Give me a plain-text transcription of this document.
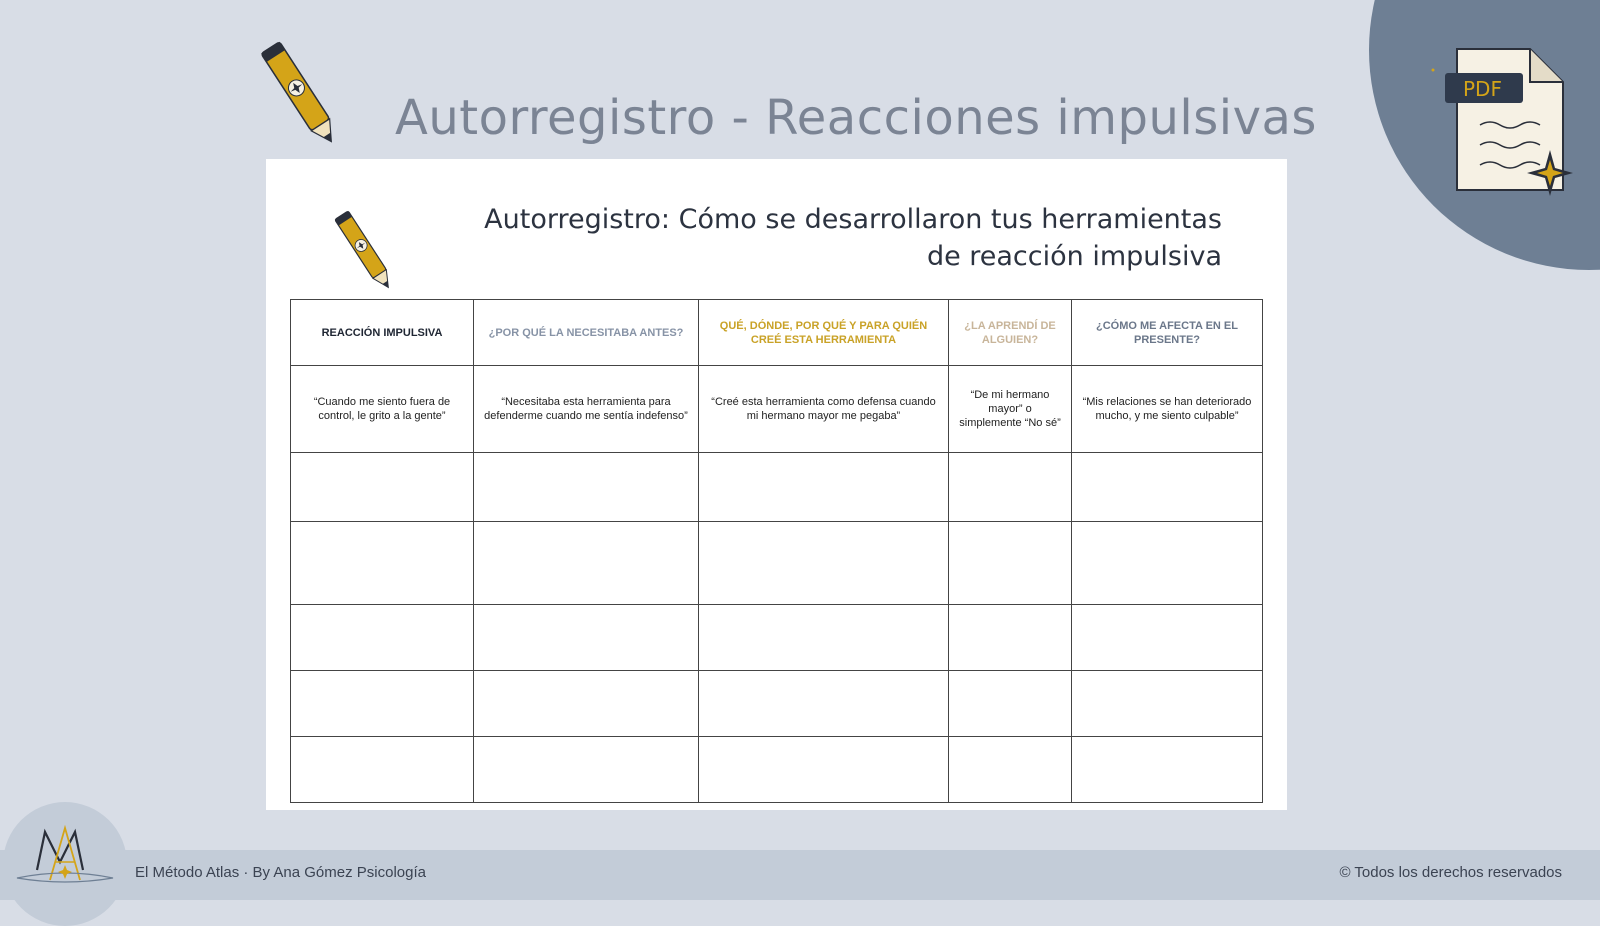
PDF
Autorregistro - Reacciones impulsivas
Autorregistro: Cómo se desarrollaron tus herramientas de reacción impulsiva
REACCIÓN IMPULSIVA	¿POR QUÉ LA NECESITABA ANTES?	QUÉ, DÓNDE, POR QUÉ Y PARA QUIÉN CREÉ ESTA HERRAMIENTA	¿LA APRENDÍ DE ALGUIEN?	¿CÓMO ME AFECTA EN EL PRESENTE?
“Cuando me siento fuera de control, le grito a la gente”	“Necesitaba esta herramienta para defenderme cuando me sentía indefenso”	“Creé esta herramienta como defensa cuando mi hermano mayor me pegaba”	“De mi hermano mayor” o simplemente “No sé”	“Mis relaciones se han deteriorado mucho, y me siento culpable”

El Método Atlas · By Ana Gómez Psicología	© Todos los derechos reservados
